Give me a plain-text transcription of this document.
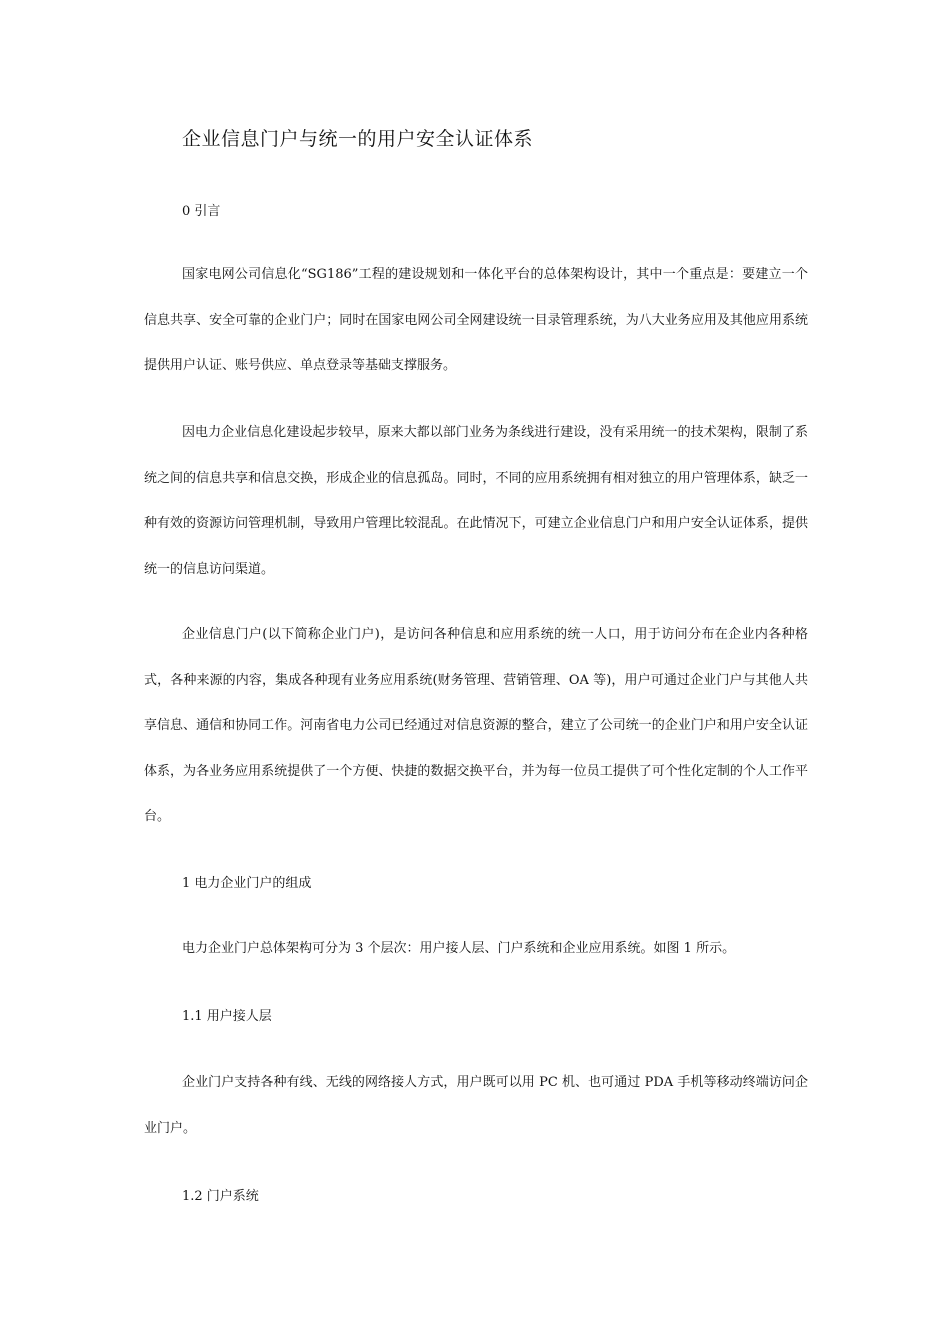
企业信息门户与统一的用户安全认证体系
0 引言

国家电网公司信息化“SG186”工程的建设规划和一体化平台的总体架构设计，其中一个重点是：要建立一个信息共享、安全可靠的企业门户；同时在国家电网公司全网建设统一目录管理系统，为八大业务应用及其他应用系统提供用户认证、账号供应、单点登录等基础支撑服务。

因电力企业信息化建设起步较早，原来大都以部门业务为条线进行建设，没有采用统一的技术架构，限制了系统之间的信息共享和信息交换，形成企业的信息孤岛。同时，不同的应用系统拥有相对独立的用户管理体系，缺乏一种有效的资源访问管理机制，导致用户管理比较混乱。在此情况下，可建立企业信息门户和用户安全认证体系，提供统一的信息访问渠道。

企业信息门户(以下简称企业门户)，是访问各种信息和应用系统的统一人口，用于访问分布在企业内各种格式，各种来源的内容，集成各种现有业务应用系统(财务管理、营销管理、OA 等)，用户可通过企业门户与其他人共享信息、通信和协同工作。河南省电力公司已经通过对信息资源的整合，建立了公司统一的企业门户和用户安全认证体系，为各业务应用系统提供了一个方便、快捷的数据交换平台，并为每一位员工提供了可个性化定制的个人工作平台。

1 电力企业门户的组成
电力企业门户总体架构可分为 3 个层次：用户接人层、门户系统和企业应用系统。如图 1 所示。
1.1 用户接人层

企业门户支持各种有线、无线的网络接人方式，用户既可以用 PC 机、也可通过 PDA 手机等移动终端访问企业门户。

1.2 门户系统
